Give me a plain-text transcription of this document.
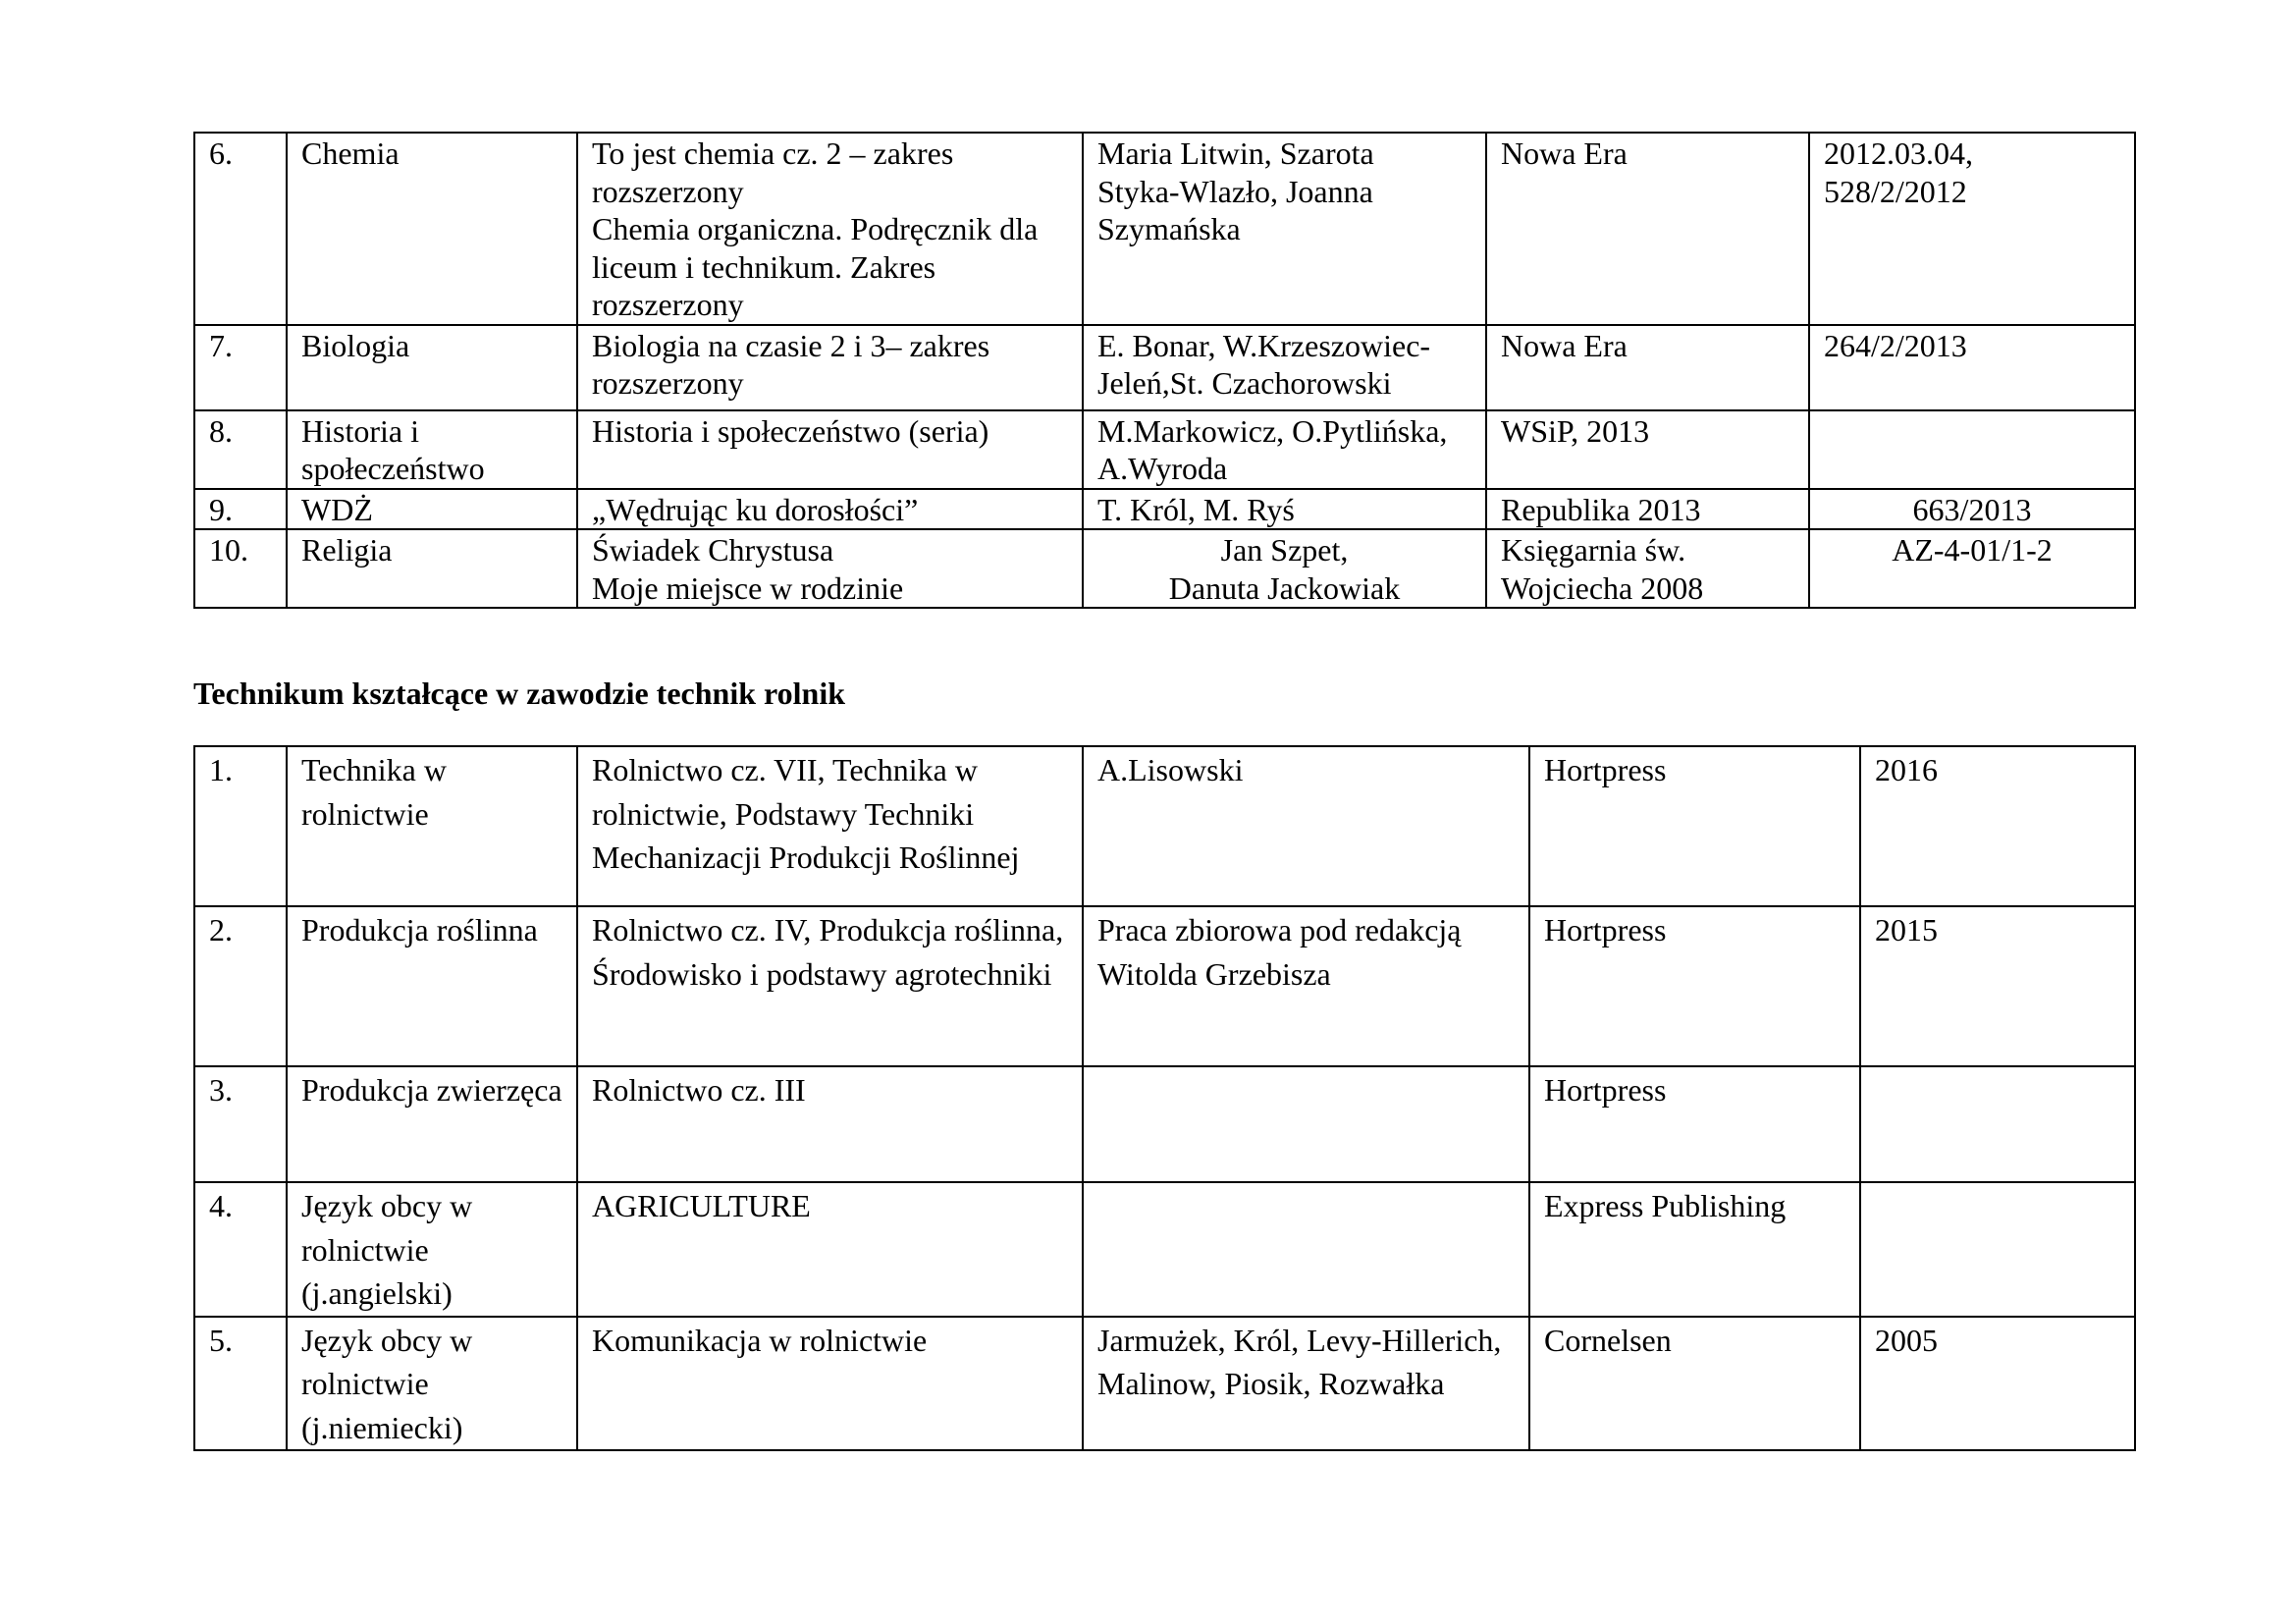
6.	Chemia	To jest chemia cz. 2 – zakres
rozszerzony
Chemia organiczna. Podręcznik dla
liceum i technikum. Zakres
rozszerzony	Maria Litwin, Szarota
Styka-Wlazło, Joanna
Szymańska	Nowa Era	2012.03.04,
528/2/2012

7.	Biologia	Biologia na czasie 2 i 3– zakres
rozszerzony	E. Bonar, W.Krzeszowiec-
Jeleń,St. Czachorowski	Nowa Era	264/2/2013

8.	Historia i społeczeństwo	Historia i społeczeństwo (seria)	M.Markowicz, O.Pytlińska,
A.Wyroda	WSiP, 2013	

9.	WDŻ	„Wędrując ku dorosłości”	T. Król, M. Ryś	Republika 2013	663/2013

10.	Religia	Świadek Chrystusa
Moje miejsce w rodzinie	Jan Szpet,
Danuta Jackowiak	Księgarnia św.
Wojciecha 2008	AZ-4-01/1-2
Technikum kształcące w zawodzie technik rolnik
1.	Technika w rolnictwie	Rolnictwo cz. VII, Technika w rolnictwie, Podstawy Techniki Mechanizacji Produkcji Roślinnej	A.Lisowski	Hortpress	2016
2.	Produkcja roślinna	Rolnictwo cz. IV, Produkcja roślinna, Środowisko i podstawy agrotechniki	Praca zbiorowa pod redakcją Witolda Grzebisza	Hortpress	2015
3.	Produkcja zwierzęca	Rolnictwo cz. III		Hortpress	
4.	Język obcy w rolnictwie (j.angielski)	AGRICULTURE		Express Publishing	
5.	Język obcy w rolnictwie (j.niemiecki)	Komunikacja w rolnictwie	Jarmużek, Król, Levy-Hillerich, Malinow, Piosik, Rozwałka	Cornelsen	2005
